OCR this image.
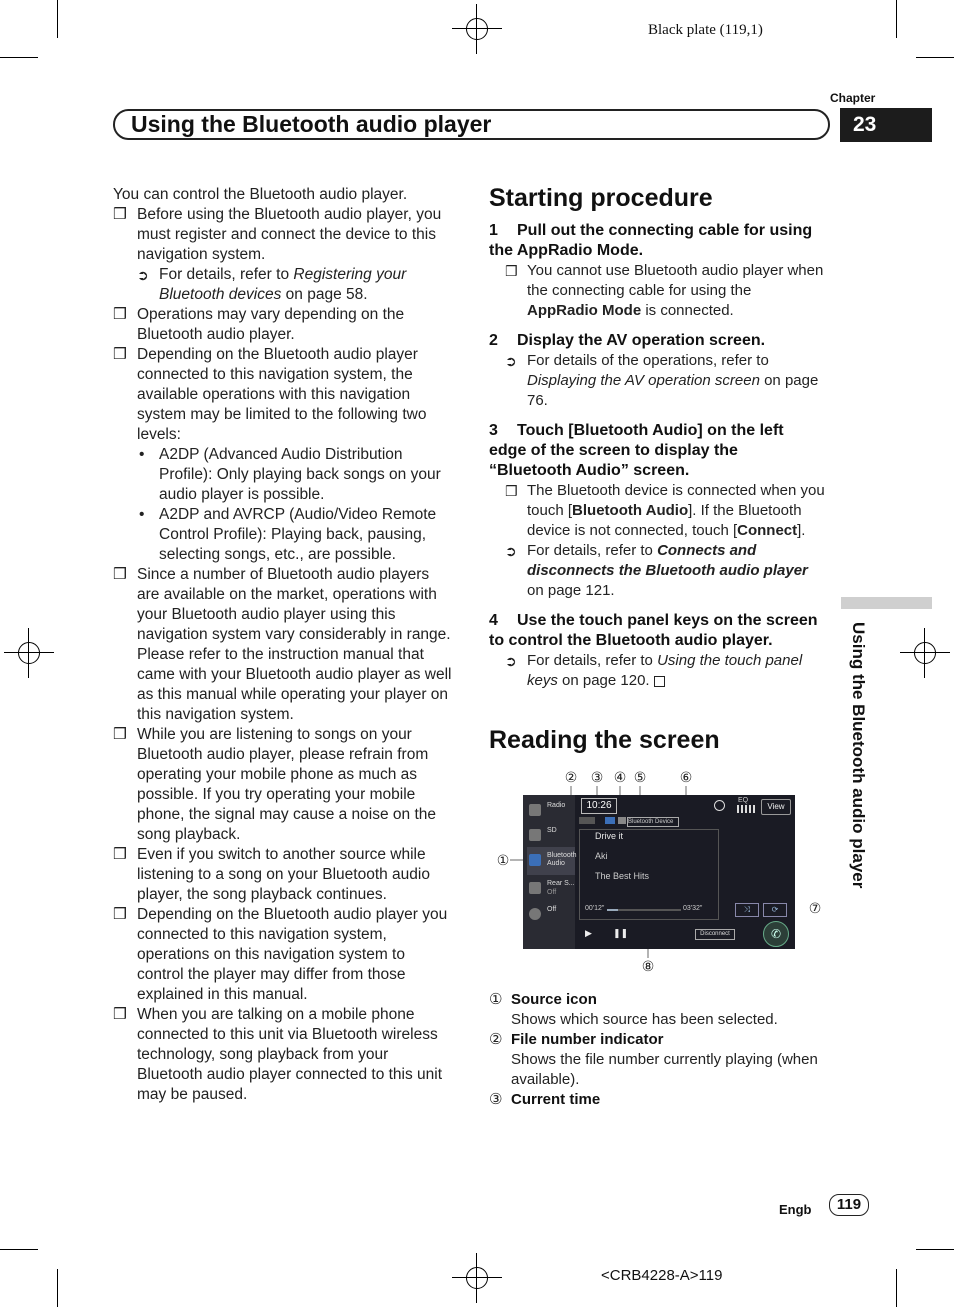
Black plate (119,1)
Chapter
23
Using the Bluetooth audio player
Using the Bluetooth audio player

You can control the Bluetooth audio player.

❒ Before using the Bluetooth audio player, you must register and connect the device to this navigation system.
➲ For details, refer to Registering your Bluetooth devices on page 58.
❒ Operations may vary depending on the Bluetooth audio player.
❒ Depending on the Bluetooth audio player connected to this navigation system, the available operations with this navigation system may be limited to the following two levels:
• A2DP (Advanced Audio Distribution Profile): Only playing back songs on your audio player is possible.
• A2DP and AVRCP (Audio/Video Remote Control Profile): Playing back, pausing, selecting songs, etc., are possible.
❒ Since a number of Bluetooth audio players are available on the market, operations with your Bluetooth audio player using this navigation system vary considerably in range. Please refer to the instruction manual that came with your Bluetooth audio player as well as this manual while operating your player on this navigation system.
❒ While you are listening to songs on your Bluetooth audio player, please refrain from operating your mobile phone as much as possible. If you try operating your mobile phone, the signal may cause a noise on the song playback.
❒ Even if you switch to another source while listening to a song on your Bluetooth audio player, the song playback continues.
❒ Depending on the Bluetooth audio player you connected to this navigation system, operations on this navigation system to control the player may differ from those explained in this manual.
❒ When you are talking on a mobile phone connected to this unit via Bluetooth wireless technology, song playback from your Bluetooth audio player connected to this unit may be paused.
Starting procedure

1 Pull out the connecting cable for using the AppRadio Mode.

❒ You cannot use Bluetooth audio player when the connecting cable for using the AppRadio Mode is connected.

2 Display the AV operation screen.

➲ For details of the operations, refer to Displaying the AV operation screen on page 76.

3 Touch [Bluetooth Audio] on the left edge of the screen to display the “Bluetooth Audio” screen.

❒ The Bluetooth device is connected when you touch [Bluetooth Audio]. If the Bluetooth device is not connected, touch [Connect].
➲ For details, refer to Connects and disconnects the Bluetooth audio player on page 121.

4 Use the touch panel keys on the screen to control the Bluetooth audio player.

➲ For details, refer to Using the touch panel keys on page 120.
Reading the screen
② ③ ④ ⑤ ⑥
①
⑦
⑧
Radio
SD
Bluetooth Audio
Rear S...
Off
Off
10:26
Bluetooth Device
EQ
View
Drive it
Aki
The Best Hits
00'12"	03'32"	⤨	⟳
▶ ❚❚	Disconnect	✆
① Source icon
Shows which source has been selected.
② File number indicator
Shows the file number currently playing (when available).
③ Current time
Engb	119
<CRB4228-A>119
